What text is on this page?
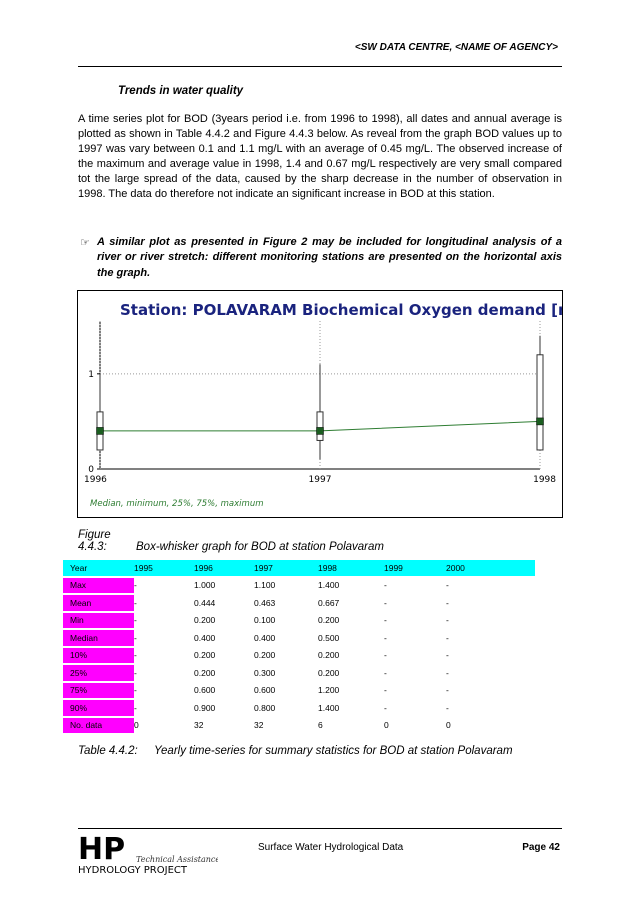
<SW DATA CENTRE, <NAME OF AGENCY>
Trends in water quality
A time series plot for BOD (3years period i.e. from 1996 to 1998), all dates and annual average is plotted as shown in Table 4.4.2 and Figure 4.4.3 below. As reveal from the graph BOD values up to 1997 was vary between 0.1 and 1.1 mg/L with an average of 0.45 mg/L. The observed increase of the maximum and average value in 1998, 1.4 and 0.67 mg/L respectively are very small compared tot the large spread of the data, caused by the sharp decrease in the number of observation in 1998. The data do therefore not indicate an significant increase in BOD at this station.
☞ A similar plot as presented in Figure 2 may be included for longitudinal analysis of a river or river stretch: different monitoring stations are presented on the horizontal axis the graph.
Station: POLAVARAM Biochemical Oxygen demand [mg/L]
0
1
1996	1997	1998
Median, minimum, 25%, 75%, maximum
Figure 4.4.3:	Box-whisker graph for BOD at station Polavaram
Year	1995	1996	1997	1998	1999	2000
Max	-	1.000	1.100	1.400	-	-
Mean	-	0.444	0.463	0.667	-	-
Min	-	0.200	0.100	0.200	-	-
Median	-	0.400	0.400	0.500	-	-
10%	-	0.200	0.200	0.200	-	-
25%	-	0.200	0.300	0.200	-	-
75%	-	0.600	0.600	1.200	-	-
90%	-	0.900	0.800	1.400	-	-
No. data	0	32	32	6	0	0
Table 4.4.2: Yearly time-series for summary statistics for BOD at station Polavaram
HP Technical Assistance
HYDROLOGY PROJECT
Surface Water Hydrological Data	Page 42
